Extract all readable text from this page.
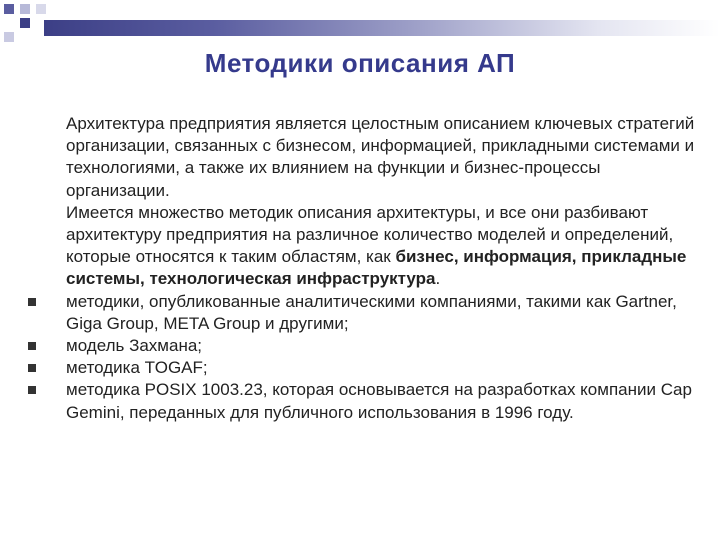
Методики описания АП
Архитектура предприятия является целостным описанием ключевых стратегий организации, связанных с бизнесом, информацией, прикладными системами и технологиями, а также их влиянием на функции и бизнес-процессы организации.
Имеется множество методик описания архитектуры, и все они разбивают архитектуру предприятия на различное количество моделей и определений, которые относятся к таким областям, как бизнес, информация, прикладные системы, технологическая инфраструктура.
методики, опубликованные аналитическими компаниями, такими как Gartner, Giga Group, META Group и другими;
модель Захмана;
методика TOGAF;
методика POSIX 1003.23, которая основывается на разработках компании Cap Gemini, переданных для публичного использования в 1996 году.
